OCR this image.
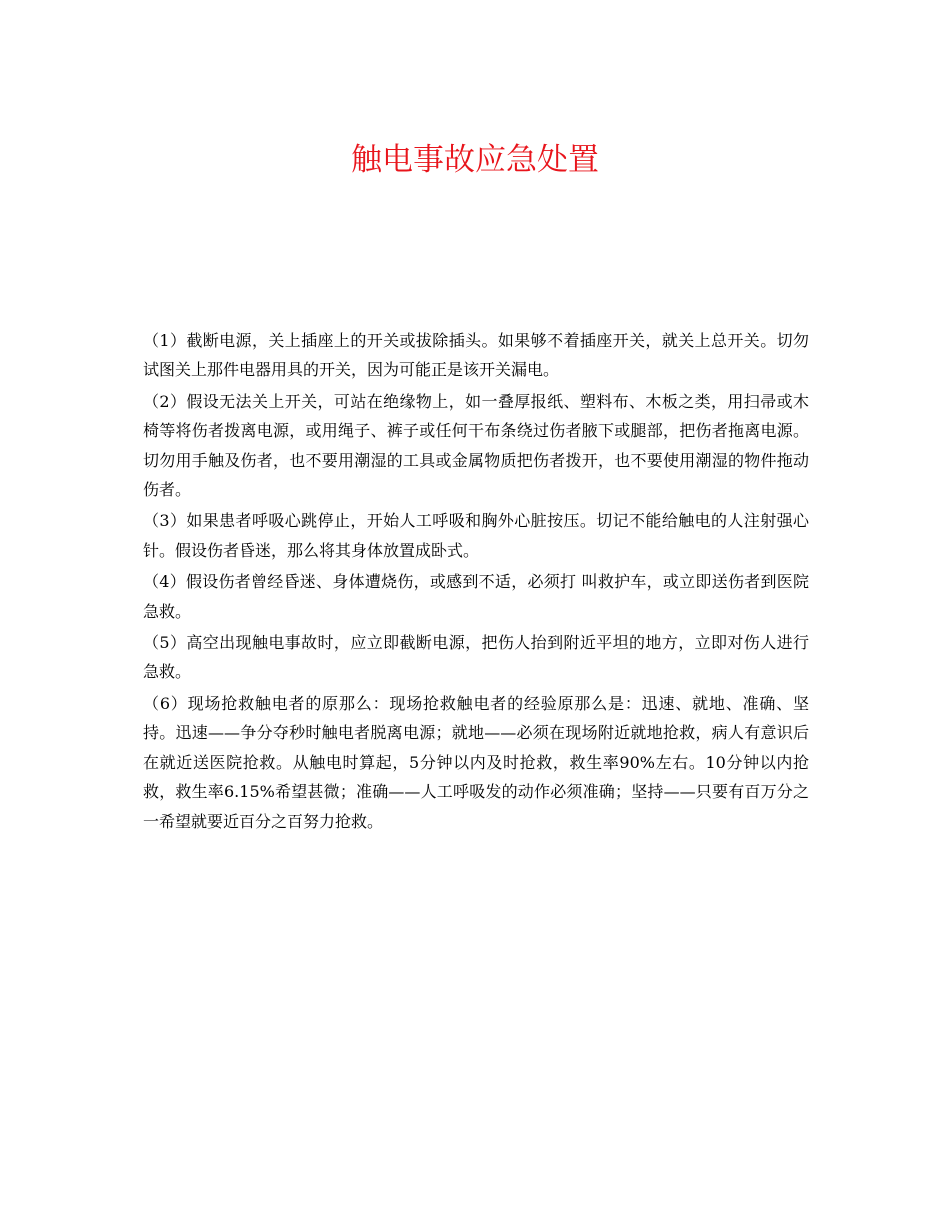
触电事故应急处置

（1）截断电源，关上插座上的开关或拔除插头。如果够不着插座开关，就关上总开关。切勿试图关上那件电器用具的开关，因为可能正是该开关漏电。

（2）假设无法关上开关，可站在绝缘物上，如一叠厚报纸、塑料布、木板之类，用扫帚或木椅等将伤者拨离电源，或用绳子、裤子或任何干布条绕过伤者腋下或腿部，把伤者拖离电源。切勿用手触及伤者，也不要用潮湿的工具或金属物质把伤者拨开，也不要使用潮湿的物件拖动伤者。

（3）如果患者呼吸心跳停止，开始人工呼吸和胸外心脏按压。切记不能给触电的人注射强心针。假设伤者昏迷，那么将其身体放置成卧式。

（4）假设伤者曾经昏迷、身体遭烧伤，或感到不适，必须打 叫救护车，或立即送伤者到医院急救。

（5）高空出现触电事故时，应立即截断电源，把伤人抬到附近平坦的地方，立即对伤人进行急救。

（6）现场抢救触电者的原那么：现场抢救触电者的经验原那么是：迅速、就地、准确、坚持。迅速——争分夺秒时触电者脱离电源；就地——必须在现场附近就地抢救，病人有意识后在就近送医院抢救。从触电时算起，5分钟以内及时抢救，救生率90%左右。10分钟以内抢救，救生率6.15%希望甚微；准确——人工呼吸发的动作必须准确；坚持——只要有百万分之一希望就要近百分之百努力抢救。
